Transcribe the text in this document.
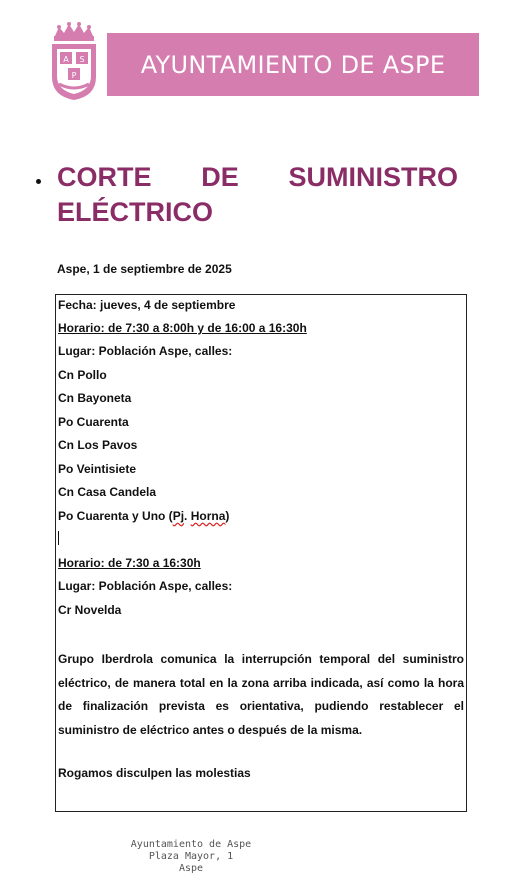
A S
P	AYUNTAMIENTO DE ASPE

CORTE DE SUMINISTRO

ELÉCTRICO

Aspe, 1 de septiembre de 2025
Fecha: jueves, 4 de septiembre
Horario: de 7:30 a 8:00h y de 16:00 a 16:30h
Lugar: Población Aspe, calles:
Cn Pollo
Cn Bayoneta
Po Cuarenta
Cn Los Pavos
Po Veintisiete
Cn Casa Candela
Po Cuarenta y Uno (Pj. Horna)
Horario: de 7:30 a 16:30h
Lugar: Población Aspe, calles:
Cr Novelda

Grupo Iberdrola comunica la interrupción temporal del suministro eléctrico, de manera total en la zona arriba indicada, así como la hora de finalización prevista es orientativa, pudiendo restablecer el suministro de eléctrico antes o después de la misma.

Rogamos disculpen las molestias
Ayuntamiento de Aspe
Plaza Mayor, 1
Aspe
